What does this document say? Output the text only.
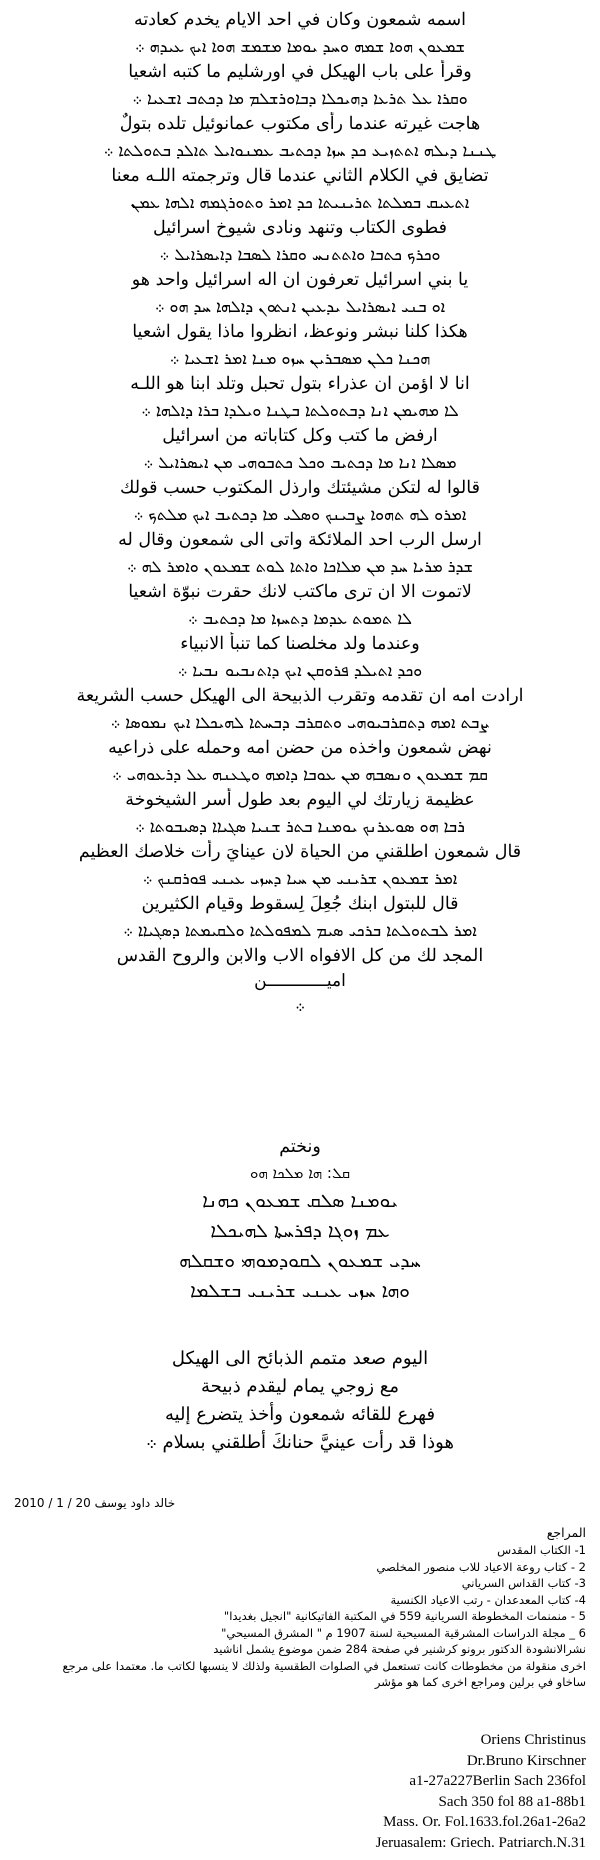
اسمه شمعون وكان في احد الايام يخدم كعادته
ܫܡܥܘܢ ܗܘܐ ܫܡܗ ܘܚܕ ܝܘܡܐ ܡܫܡܫ ܗܘܐ ܐܝܟ ܥܝܕܗ ܀
وقرأ على باب الهيكل في اورشليم ما كتبه اشعيا
ܘܩܪܐ ܥܠ ܬܪܥܐ ܕܗܝܟܠܐ ܕܒܐܘܪܫܠܡ ܡܐ ܕܟܬܒ ܐܫܥܝܐ ܀
هاجت غيرته عندما رأى مكتوب عمانوئيل تلده بتولٌ
ܛܢܢܐ ܕܝܠܗ ܐܬܬܙܝܥ ܟܕ ܚܙܐ ܕܟܬܝܒ ܥܡܢܘܐܝܠ ܬܐܠܕ ܒܬܘܠܬܐ ܀
تضايق في الكلام الثاني عندما قال وترجمته اللـه معنا
ܐܬܥܝܩ ܒܡܠܬܐ ܬܪܝܢܝܬܐ ܟܕ ܐܡܪ ܘܬܘܪܓܡܗ ܐܠܗܐ ܥܡܢ
فطوى الكتاب وتنهد ونادى شيوخ اسرائيل
ܘܟܪܟ ܟܬܒܐ ܘܐܬܬܢܚ ܘܩܪܐ ܠܣܒܐ ܕܐܝܣܪܐܝܠ ܀
يا بني اسرائيل تعرفون ان اله اسرائيل واحد هو
ܐܘ ܒܢܝ ܐܝܣܪܐܝܠ ܝܕܥܝܢ ܐܢܬܘܢ ܕܐܠܗܐ ܚܕ ܗܘ ܀
هكذا كلنا نبشر ونوعظ، انظروا ماذا يقول اشعيا
ܗܟܢܐ ܟܠܢ ܡܣܒܪܝܢ ܚܙܘ ܡܢܐ ܐܡܪ ܐܫܥܝܐ ܀
انا لا اؤمن ان عذراء بتول تحبل وتلد ابنا هو اللـه
ܠܐ ܡܗܝܡܢ ܐܢܐ ܕܒܬܘܠܬܐ ܒܛܢܐ ܘܝܠܕܐ ܒܪܐ ܕܐܠܗܐ ܀
ارفض ما كتب وكل كتاباته من اسرائيل
ܡܣܠܐ ܐܢܐ ܡܐ ܕܟܬܝܒ ܘܟܠ ܟܬܒܘܗܝ ܡܢ ܐܝܣܪܐܝܠ ܀
قالوا له لتكن مشيئتك وارذل المكتوب حسب قولك
ܐܡܪܘ ܠܗ ܬܗܘܐ ܨܒܝܢܟ ܘܣܠܝ ܡܐ ܕܟܬܝܒ ܐܝܟ ܡܠܬܟ ܀
ارسل الرب احد الملائكة واتى الى شمعون وقال له
ܫܕܪ ܡܪܝܐ ܚܕ ܡܢ ܡܠܐܟܐ ܘܐܬܐ ܠܘܬ ܫܡܥܘܢ ܘܐܡܪ ܠܗ ܀
لاتموت الا ان ترى ماكتب لانك حقرت نبوّة اشعيا
ܠܐ ܬܡܘܬ ܥܕܡܐ ܕܬܚܙܐ ܡܐ ܕܟܬܝܒ ܀
وعندما ولد مخلصنا كما تنبأ الانبياء
ܘܟܕ ܐܬܝܠܕ ܦܪܘܩܢ ܐܝܟ ܕܐܬܢܒܝܘ ܢܒܝܐ ܀
ارادت امه ان تقدمه وتقرب الذبيحة الى الهيكل حسب الشريعة
ܨܒܬ ܐܡܗ ܕܬܩܪܒܝܘܗܝ ܘܬܩܪܒ ܕܒܚܬܐ ܠܗܝܟܠܐ ܐܝܟ ܢܡܘܣܐ ܀
نهض شمعون واخذه من حضن امه وحمله على ذراعيه
ܩܡ ܫܡܥܘܢ ܘܢܣܒܗ ܡܢ ܥܘܒܐ ܕܐܡܗ ܘܛܥܢܗ ܥܠ ܕܪܥܘܗܝ ܀
عظيمة زيارتك لي اليوم بعد طول أسر الشيخوخة
ܪܒܐ ܗܘ ܣܘܥܪܢܟ ܝܘܡܢܐ ܒܬܪ ܫܢܝܐ ܣܓܝܐܐ ܕܣܝܒܘܬܐ ܀
قال شمعون اطلقني من الحياة لان عينايَ رأت خلاصك العظيم
ܐܡܪ ܫܡܥܘܢ ܫܪܝܢܝ ܡܢ ܚܝܐ ܕܚܙܝ ܥܝܢܝ ܦܘܪܩܢܟ ܀
قال للبتول ابنك جُعِلَ لِسقوط وقيام الكثيرين
ܐܡܪ ܠܒܬܘܠܬܐ ܒܪܟܝ ܣܝܡ ܠܡܦܘܠܬܐ ܘܠܩܝܡܬܐ ܕܣܓܝܐܐ ܀
المجد لك من كل الافواه الاب والابن والروح القدس
اميــــــــــــن
܀
ونختم
ܩܠ: ܗܐ ܡܠܟܐ ܗܘ
ܝܘܡܢܐ ܣܠܩ ܫܡܥܘܢ ܟܗܢܐ
ܥܡ ܙܘܓܐ ܕܦܪܚܬܐ ܠܗܝܟܠܐ
ܚܕܝ ܫܡܥܘܢ ܠܩܘܕܡܘܗܝ ܘܫܩܠܗ
ܘܗܐ ܚܙܝ ܥܝܢܝ ܫܪܝܢܝ ܒܫܠܡܐ
اليوم صعد متمم الذبائح الى الهيكل
مع زوجي يمام ليقدم ذبيحة
فهرع للقائه شمعون وأخذ يتضرع إليه
هوذا قد رأت عينيَّ حنانكَ أطلقني بسلام ܀
خالد داود يوسف 20 / 1 / 2010
المراجع
1- الكتاب المقدس
2 - كتاب روعة الاعياد للاب منصور المخلصي
3- كتاب القداس السرياني
4- كتاب المعدعدان - رتب الاعياد الكنسية
5 - منمنمات المخطوطة السريانية 559 في المكتبة الفاتيكانية "انجيل بغديدا"
6 _ مجلة الدراسات المشرقية المسيحية لسنة 1907 م " المشرق المسيحي"
نشرالانشودة الدكتور برونو كرشنير في صفحة 284 ضمن موضوع يشمل اناشيد
اخرى منقولة من مخطوطات كانت تستعمل في الصلوات الطقسية ولذلك لا ينسبها لكاتب ما. معتمدا على مرجع
ساخاو في برلين ومراجع اخرى كما هو مؤشر
Oriens Christinus
Dr.Bruno Kirschner
a1-27a227Berlin Sach 236fol
Sach 350 fol 88 a1-88b1
Mass. Or. Fol.1633.fol.26a1-26a2
Jeruasalem: Griech. Patriarch.N.31
